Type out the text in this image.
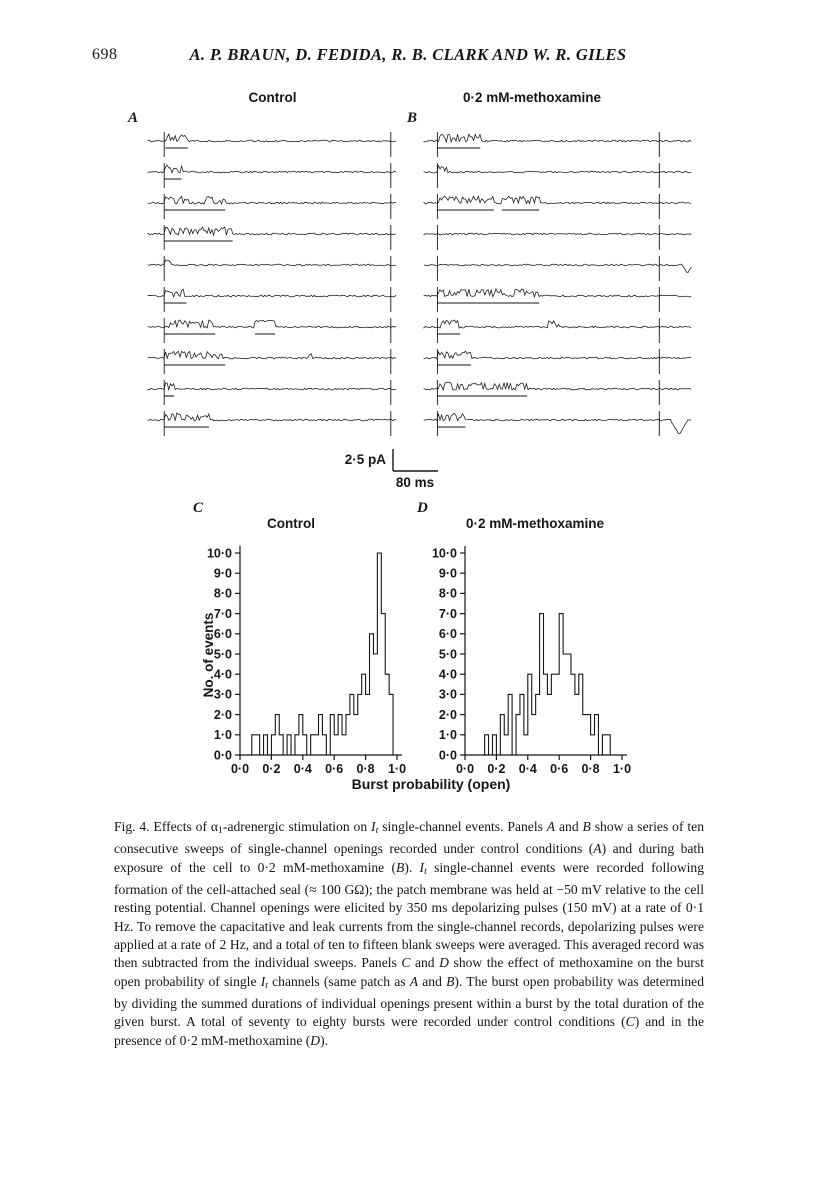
698	A. P. BRAUN, D. FEDIDA, R. B. CLARK AND W. R. GILES
0·0
1·0
2·0
3·0
4·0
5·0
6·0
7·0
8·0
9·0
10·0
0·0 0·2 0·4 0·6 0·8 1·0
0·0
1·0
2·0
3·0
4·0
5·0
6·0
7·0
8·0
9·0
10·0
0·0 0·2 0·4 0·6 0·8 1·0
Control	0·2 mM-methoxamine
A	B
2·5 pA
80 ms
C	D
Control	0·2 mM-methoxamine
No. of events
Burst probability (open)
Fig. 4. Effects of $\alpha_1$-adrenergic stimulation on $I_t$ single-channel events. Panels A and B show a series of ten consecutive sweeps of single-channel openings recorded under control conditions (A) and during bath exposure of the cell to 0·2 mM-methoxamine (B). $I_t$ single-channel events were recorded following formation of the cell-attached seal (≈ 100 GΩ); the patch membrane was held at −50 mV relative to the cell resting potential. Channel openings were elicited by 350 ms depolarizing pulses (150 mV) at a rate of 0·1 Hz. To remove the capacitative and leak currents from the single-channel records, depolarizing pulses were applied at a rate of 2 Hz, and a total of ten to fifteen blank sweeps were averaged. This averaged record was then subtracted from the individual sweeps. Panels C and D show the effect of methoxamine on the burst open probability of single $I_t$ channels (same patch as A and B). The burst open probability was determined by dividing the summed durations of individual openings present within a burst by the total duration of the given burst. A total of seventy to eighty bursts were recorded under control conditions (C) and in the presence of 0·2 mM-methoxamine (D).
